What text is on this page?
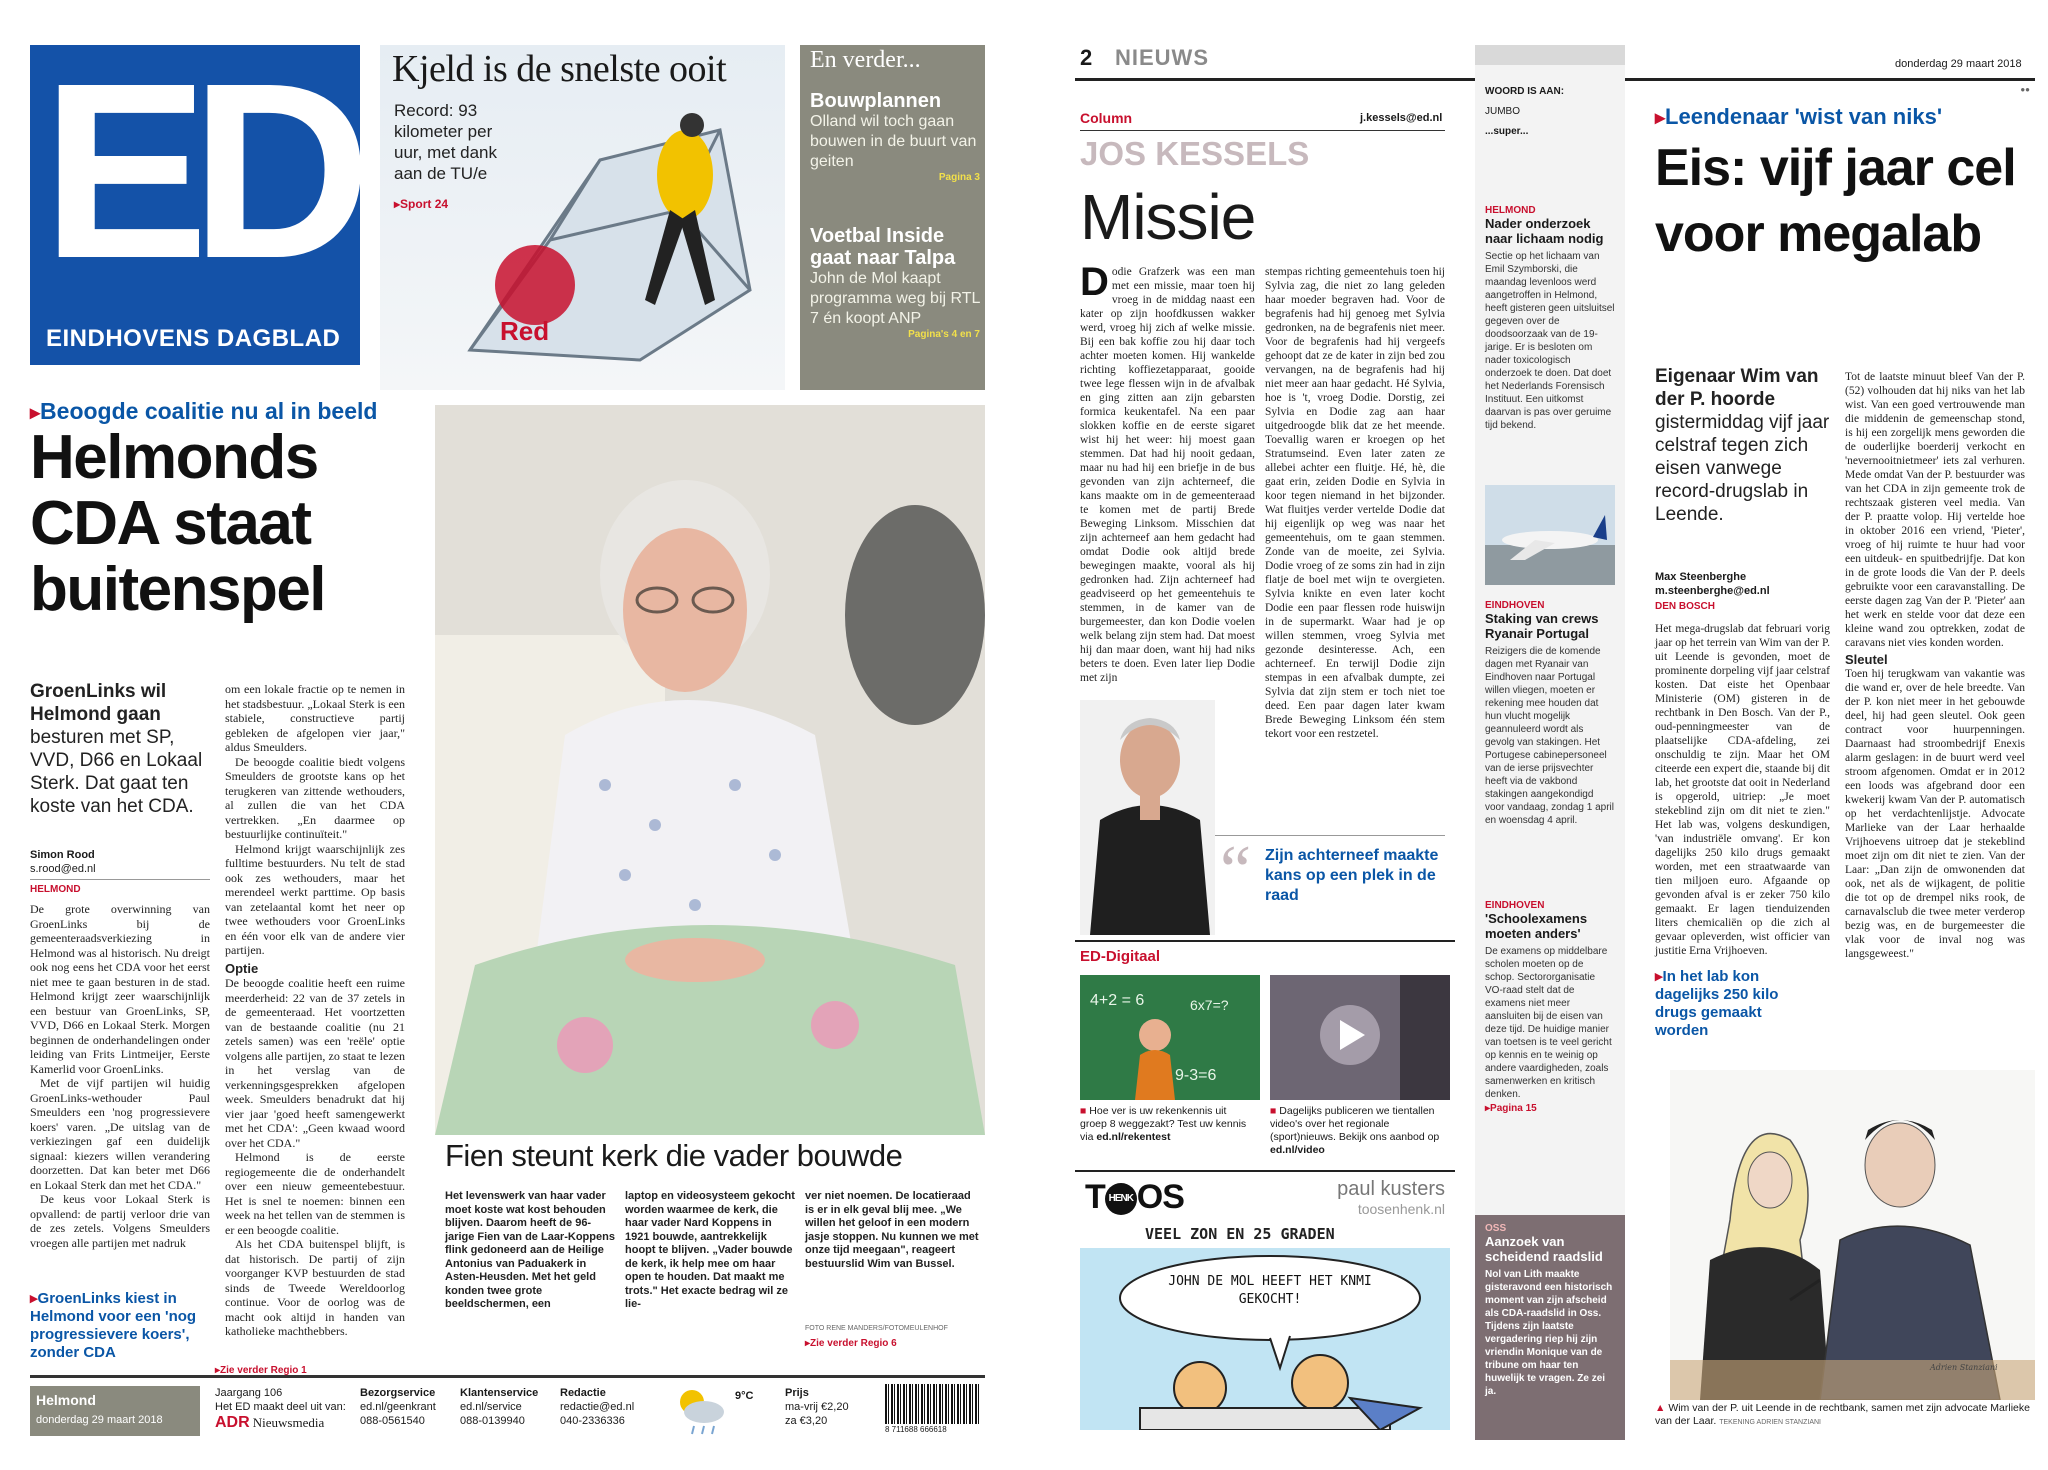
ED
EINDHOVENS DAGBLAD
Kjeld is de snelste ooit
Record: 93 kilometer per uur, met dank aan de TU/e
▸ Sport 24
Red
En verder...
Bouwplannen
Olland wil toch gaan bouwen in de buurt van geiten
Pagina 3
Voetbal Inside gaat naar Talpa
John de Mol kaapt programma weg bij RTL 7 én koopt ANP
Pagina's 4 en 7
▸ Beoogde coalitie nu al in beeld
Helmonds CDA staat buitenspel
GroenLinks wil Helmond gaan besturen met SP, VVD, D66 en Lokaal Sterk. Dat gaat ten koste van het CDA.
Simon Rood
s.rood@ed.nl
HELMOND

De grote overwinning van GroenLinks bij de gemeenteraadsverkiezing in Helmond was al historisch. Nu dreigt ook nog eens het CDA voor het eerst niet mee te gaan besturen in de stad. Helmond krijgt zeer waarschijnlijk een bestuur van GroenLinks, SP, VVD, D66 en Lokaal Sterk. Morgen beginnen de onderhandelingen onder leiding van Frits Lintmeijer, Eerste Kamerlid voor GroenLinks.

Met de vijf partijen wil huidig GroenLinks-wethouder Paul Smeulders een 'nog progressievere koers' varen. „De uitslag van de verkiezingen gaf een duidelijk signaal: kiezers willen verandering doorzetten. Dat kan beter met D66 en Lokaal Sterk dan met het CDA."

De keus voor Lokaal Sterk is opvallend: de partij verloor drie van de zes zetels. Volgens Smeulders vroegen alle partijen met nadruk

▸GroenLinks kiest in Helmond voor een 'nog progressievere koers', zonder CDA
▸ Zie verder Regio 1

om een lokale fractie op te nemen in het stadsbestuur. „Lokaal Sterk is een stabiele, constructieve partij gebleken de afgelopen vier jaar," aldus Smeulders.

De beoogde coalitie biedt volgens Smeulders de grootste kans op het terugkeren van zittende wethouders, al zullen die van het CDA vertrekken. „En daarmee op bestuurlijke continuïteit."

Helmond krijgt waarschijnlijk zes fulltime bestuurders. Nu telt de stad ook zes wethouders, maar het merendeel werkt parttime. Op basis van zetelaantal komt het neer op twee wethouders voor GroenLinks en één voor elk van de andere vier partijen.

Optie

De beoogde coalitie heeft een ruime meerderheid: 22 van de 37 zetels in de gemeenteraad. Het voortzetten van de bestaande coalitie (nu 21 zetels samen) was een 'reële' optie volgens alle partijen, zo staat te lezen in het verslag van de verkenningsgesprekken afgelopen week. Smeulders benadrukt dat hij vier jaar 'goed heeft samengewerkt met het CDA': „Geen kwaad woord over het CDA."

Helmond is de eerste regiogemeente die de onderhandelt over een nieuw gemeentebestuur. Het is snel te noemen: binnen een week na het tellen van de stemmen is er een beoogde coalitie.

Als het CDA buitenspel blijft, is dat historisch. De partij of zijn voorganger KVP bestuurden de stad sinds de Tweede Wereldoorlog continue. Voor de oorlog was de macht ook altijd in handen van katholieke machthebbers.

Fien steunt kerk die vader bouwde
Het levenswerk van haar vader moet koste wat kost behouden blijven. Daarom heeft de 96-jarige Fien van de Laar-Koppens flink gedoneerd aan de Heilige Antonius van Paduakerk in Asten-Heusden. Met het geld konden twee grote beeldschermen, een
laptop en videosysteem gekocht worden waarmee de kerk, die haar vader Nard Koppens in 1921 bouwde, aantrekkelijk hoopt te blijven. „Vader bouwde de kerk, ik help mee om haar open te houden. Dat maakt me trots." Het exacte bedrag wil ze lie-
ver niet noemen. De locatieraad is er in elk geval blij mee. „We willen het geloof in een modern jasje stoppen. Nu kunnen we met onze tijd meegaan", reageert bestuurslid Wim van Bussel.
FOTO RENE MANDERS/FOTOMEULENHOF
▸ Zie verder Regio 6
Helmond
donderdag 29 maart 2018
Jaargang 106
Het ED maakt deel uit van:
ADR Nieuwsmedia
Bezorgservice
ed.nl/geenkrant
088-0561540
Klantenservice
ed.nl/service
088-0139940
Redactie
redactie@ed.nl
040-2336336
9°C	Prijs
ma-vrij €2,20
za €3,20
8 711688 666618
2 NIEUWS	donderdag 29 maart 2018
Column	j.kessels@ed.nl
JOS KESSELS
Missie
D odie Grafzerk was een man met een missie, maar toen hij vroeg in de middag naast een kater op zijn hoofdkussen wakker werd, vroeg hij zich af welke missie. Bij een bak koffie zou hij daar toch achter moeten komen. Hij wankelde richting koffiezetapparaat, gooide twee lege flessen wijn in de afvalbak en ging zitten aan zijn gebarsten formica keukentafel. Na een paar slokken koffie en de eerste sigaret wist hij het weer: hij moest gaan stemmen. Dat had hij nooit gedaan, maar nu had hij een briefje in de bus gevonden van zijn achterneef, die kans maakte om in de gemeenteraad te komen met de partij Brede Beweging Linksom. Misschien dat zijn achterneef aan hem gedacht had omdat Dodie ook altijd brede bewegingen maakte, vooral als hij gedronken had. Zijn achterneef had geadviseerd op het gemeentehuis te stemmen, in de kamer van de burgemeester, dan kon Dodie voelen welk belang zijn stem had. Dat moest hij dan maar doen, want hij had niks beters te doen. Even later liep Dodie met zijn
stempas richting gemeentehuis toen hij Sylvia zag, die niet zo lang geleden haar moeder begraven had. Voor de begrafenis had hij genoeg met Sylvia gedronken, na de begrafenis niet meer. Voor de begrafenis had hij vergeefs gehoopt dat ze de kater in zijn bed zou vervangen, na de begrafenis had hij niet meer aan haar gedacht. Hé Sylvia, hoe is 't, vroeg Dodie. Dorstig, zei Sylvia en Dodie zag aan haar uitgedroogde blik dat ze het meende. Toevallig waren er kroegen op het Stratumseind. Even later zaten ze allebei achter een fluitje. Hé, hè, die gaat erin, zeiden Dodie en Sylvia in koor tegen niemand in het bijzonder. Wat fluitjes verder vertelde Dodie dat hij eigenlijk op weg was naar het gemeentehuis, om te gaan stemmen. Zonde van de moeite, zei Sylvia. Dodie vroeg of ze soms zin had in zijn flatje de boel met wijn te overgieten. Sylvia knikte en even later kocht Dodie een paar flessen rode huiswijn in de supermarkt. Waar had je op willen stemmen, vroeg Sylvia met gezonde desinteresse. Ach, een achterneef. En terwijl Dodie zijn stempas in een afvalbak dumpte, zei Sylvia dat zijn stem er toch niet toe deed. Een paar dagen later kwam Brede Beweging Linksom één stem tekort voor een restzetel.
“ Zijn achterneef maakte kans op een plek in de raad
ED-Digitaal
4+2 = 6	6x7=?
9-3=6
■ Hoe ver is uw rekenkennis uit groep 8 weggezakt? Test uw kennis via ed.nl/rekentest
■ Dagelijks publiceren we tientallen video's over het regionale (sport)nieuws. Bekijk ons aanbod op ed.nl/video
T HENK OS	paul kusters
toosenhenk.nl
VEEL ZON EN 25 GRADEN
JOHN DE MOL HEEFT HET KNMI GEKOCHT!
WOORD IS AAN:
JUMBO
...super...
HELMOND
Nader onderzoek naar lichaam nodig
Sectie op het lichaam van Emil Szymborski, die maandag levenloos werd aangetroffen in Helmond, heeft gisteren geen uitsluitsel gegeven over de doodsoorzaak van de 19-jarige. Er is besloten om nader toxicologisch onderzoek te doen. Dat doet het Nederlands Forensisch Instituut. Een uitkomst daarvan is pas over geruime tijd bekend.
EINDHOVEN
Staking van crews Ryanair Portugal
Reizigers die de komende dagen met Ryanair van Eindhoven naar Portugal willen vliegen, moeten er rekening mee houden dat hun vlucht mogelijk geannuleerd wordt als gevolg van stakingen. Het Portugese cabinepersoneel van de ierse prijsvechter heeft via de vakbond stakingen aangekondigd voor vandaag, zondag 1 april en woensdag 4 april.
EINDHOVEN
'Schoolexamens moeten anders'
De examens op middelbare scholen moeten op de schop. Sectororganisatie VO-raad stelt dat de examens niet meer aansluiten bij de eisen van deze tijd. De huidige manier van toetsen is te veel gericht op kennis en te weinig op andere vaardigheden, zoals samenwerken en kritisch denken.
▸ Pagina 15
OSS
Aanzoek van scheidend raadslid
Nol van Lith maakte gisteravond een historisch moment van zijn afscheid als CDA-raadslid in Oss. Tijdens zijn laatste vergadering riep hij zijn vriendin Monique van de tribune om haar ten huwelijk te vragen. Ze zei ja.
●●
▸ Leendenaar 'wist van niks'
Eis: vijf jaar cel voor megalab
Eigenaar Wim van der P. hoorde gistermiddag vijf jaar celstraf tegen zich eisen vanwege record-drugslab in Leende.
Max Steenberghe
m.steenberghe@ed.nl
DEN BOSCH
Het mega-drugslab dat februari vorig jaar op het terrein van Wim van der P. uit Leende is gevonden, moet de prominente dorpeling vijf jaar celstraf kosten. Dat eiste het Openbaar Ministerie (OM) gisteren in de rechtbank in Den Bosch. Van der P., oud-penningmeester van de plaatselijke CDA-afdeling, zei onschuldig te zijn. Maar het OM citeerde een expert die, staande bij dit lab, het grootste dat ooit in Nederland is opgerold, uitriep: „Je moet stekeblind zijn om dit niet te zien." Het lab was, volgens deskundigen, 'van industriële omvang'. Er kon dagelijks 250 kilo drugs gemaakt worden, met een straatwaarde van tien miljoen euro. Afgaande op gevonden afval is er zeker 750 kilo gemaakt. Er lagen tienduizenden liters chemicaliën op die zich al gevaar opleverden, wist officier van justitie Erna Vrijhoeven.
▸In het lab kon dagelijks 250 kilo drugs gemaakt worden

Tot de laatste minuut bleef Van der P. (52) volhouden dat hij niks van het lab wist. Van een goed vertrouwende man die middenin de gemeenschap stond, is hij een zorgelijk mens geworden die de ouderlijke boerderij verkocht en 'nevernooitnietmeer' iets zal verhuren. Mede omdat Van der P. bestuurder was van het CDA in zijn gemeente trok de rechtszaak gisteren veel media. Van der P. praatte volop. Hij vertelde hoe in oktober 2016 een vriend, 'Pieter', vroeg of hij ruimte te huur had voor een uitdeuk- en spuitbedrijfje. Dat kon in de grote loods die Van der P. deels gebruikte voor een caravanstalling. De eerste dagen zag Van der P. 'Pieter' aan het werk en stelde voor dat deze een kleine wand zou optrekken, zodat de caravans niet vies konden worden.

Sleutel

Toen hij terugkwam van vakantie was die wand er, over de hele breedte. Van der P. kon niet meer in het gebouwde deel, hij had geen sleutel. Ook geen contract voor huurpenningen. Daarnaast had stroombedrijf Enexis alarm geslagen: in de buurt werd veel stroom afgenomen. Omdat er in 2012 een loods was afgebrand door een kwekerij kwam Van der P. automatisch op het verdachtenlijstje. Advocate Marlieke van der Laar herhaalde Vrijhoevens uitroep dat je stekeblind moet zijn om dit niet te zien. Van der Laar: „Dan zijn de omwonenden dat ook, net als de wijkagent, de politie die tot op de drempel niks rook, de carnavalsclub die twee meter verderop bezig was, en de burgemeester die vlak voor de inval nog was langsgeweest."

Adrien Stanziani
▲ Wim van der P. uit Leende in de rechtbank, samen met zijn advocate Marlieke van der Laar. TEKENING ADRIEN STANZIANI
